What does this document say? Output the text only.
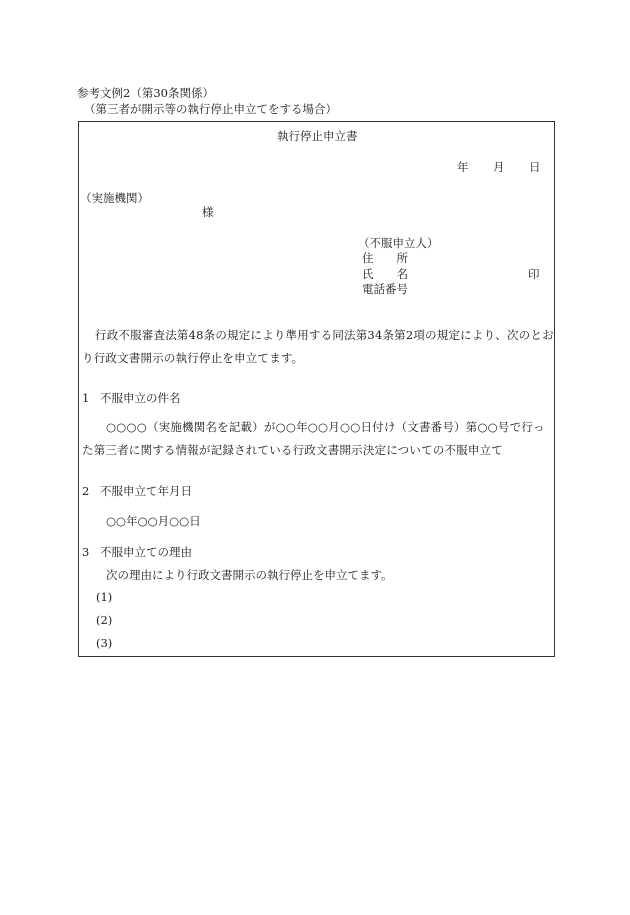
参考文例2（第30条関係）
（第三者が開示等の執行停止申立てをする場合）
執行停止申立書
年 月 日
（実施機関）
様
（不服申立人）
住　　所
氏　　名	印
電話番号
行政不服審査法第48条の規定により準用する同法第34条第2項の規定により、次のとお
り行政文書開示の執行停止を申立てます。
1 不服申立の件名
○○○○（実施機関名を記載）が○○年○○月○○日付け（文書番号）第○○号で行っ
た第三者に関する情報が記録されている行政文書開示決定についての不服申立て
2 不服申立て年月日
○○年○○月○○日
3 不服申立ての理由
次の理由により行政文書開示の執行停止を申立てます。
(1)
(2)
(3)
